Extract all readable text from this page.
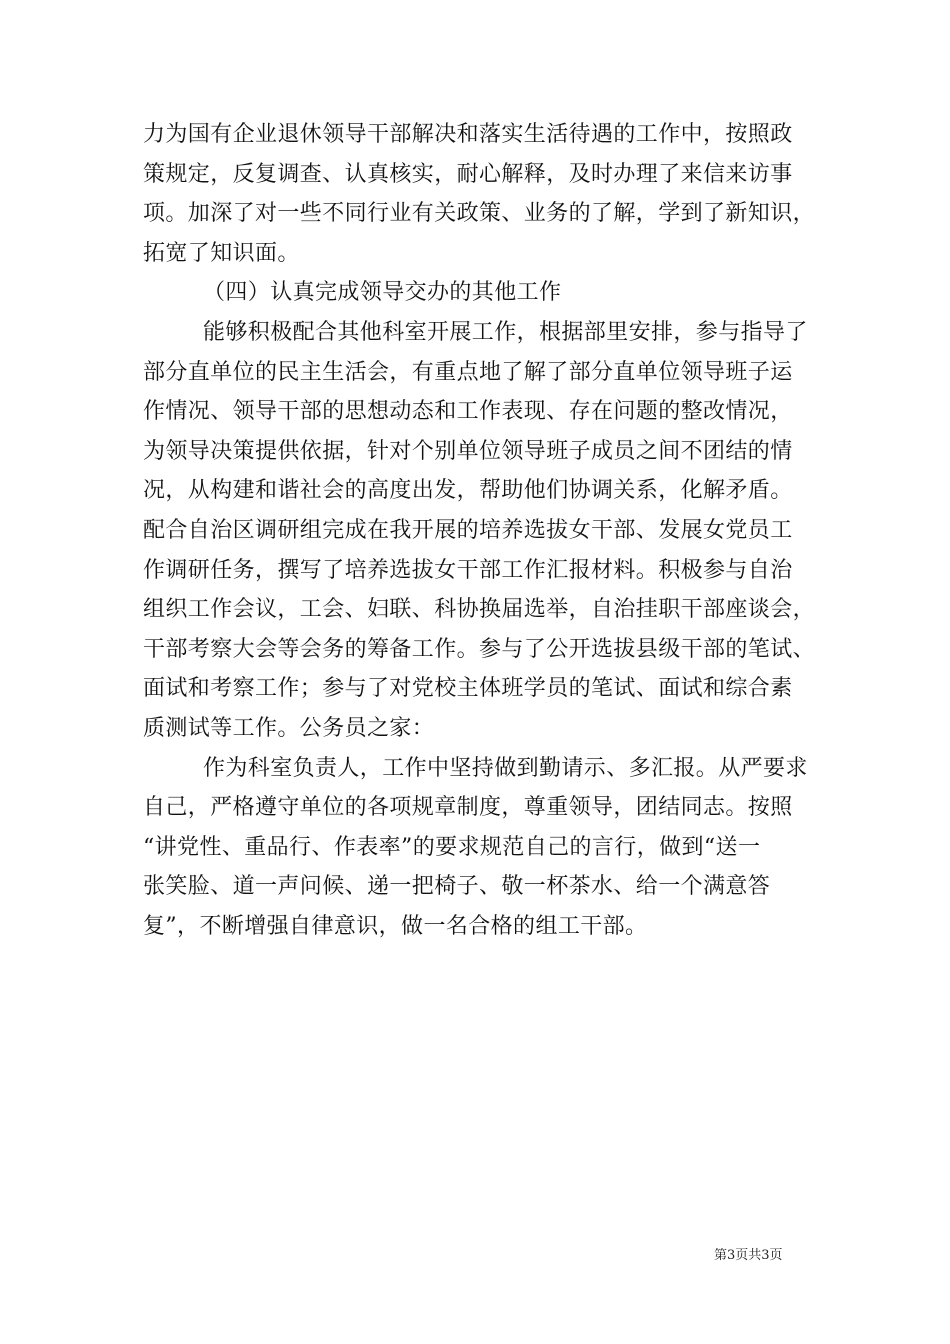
力为国有企业退休领导干部解决和落实生活待遇的工作中，按照政
策规定，反复调查、认真核实，耐心解释，及时办理了来信来访事
项。加深了对一些不同行业有关政策、业务的了解，学到了新知识，
拓宽了知识面。
（四）认真完成领导交办的其他工作
能够积极配合其他科室开展工作，根据部里安排，参与指导了
部分直单位的民主生活会，有重点地了解了部分直单位领导班子运
作情况、领导干部的思想动态和工作表现、存在问题的整改情况，
为领导决策提供依据，针对个别单位领导班子成员之间不团结的情
况，从构建和谐社会的高度出发，帮助他们协调关系，化解矛盾。
配合自治区调研组完成在我开展的培养选拔女干部、发展女党员工
作调研任务，撰写了培养选拔女干部工作汇报材料。积极参与自治
组织工作会议，工会、妇联、科协换届选举，自治挂职干部座谈会，
干部考察大会等会务的筹备工作。参与了公开选拔县级干部的笔试、
面试和考察工作；参与了对党校主体班学员的笔试、面试和综合素
质测试等工作。公务员之家：
作为科室负责人，工作中坚持做到勤请示、多汇报。从严要求
自己，严格遵守单位的各项规章制度，尊重领导，团结同志。按照
“讲党性、重品行、作表率”的要求规范自己的言行，做到“送一
张笑脸、道一声问候、递一把椅子、敬一杯茶水、给一个满意答
复”，不断增强自律意识，做一名合格的组工干部。
第3页共3页
